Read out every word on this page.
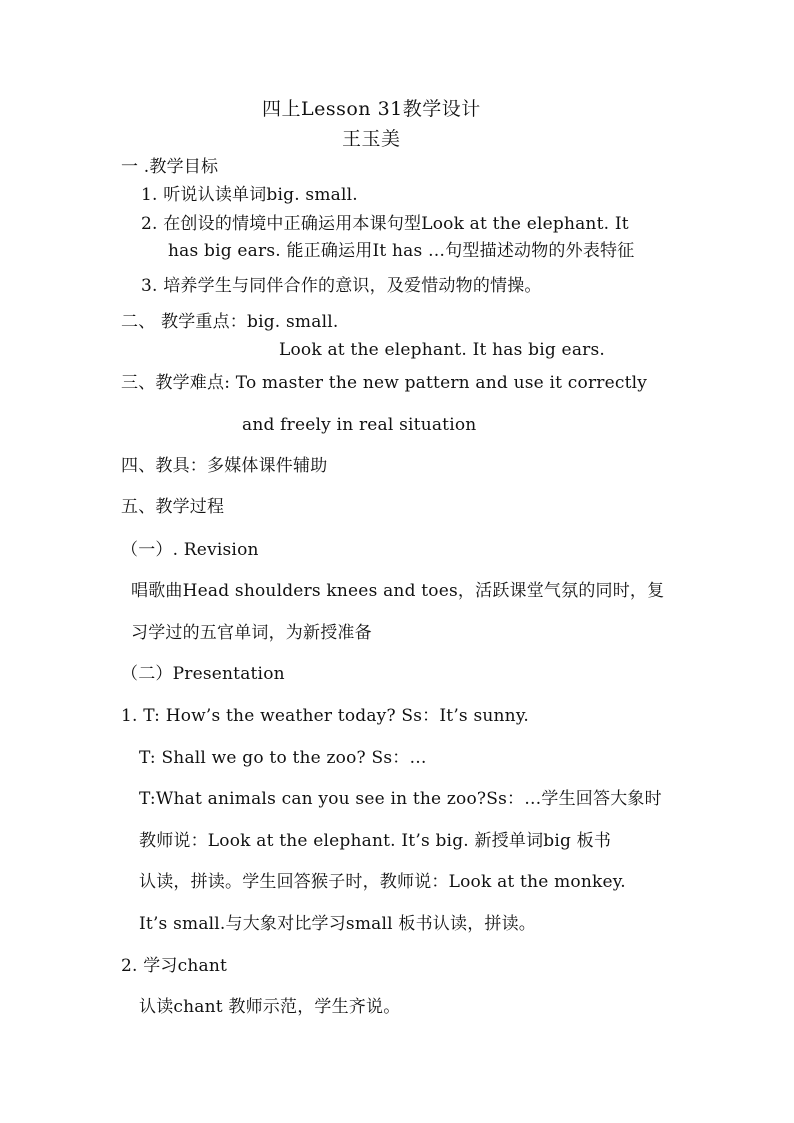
四上Lesson 31教学设计
王玉美
一 .教学目标
1. 听说认读单词big. small.
2. 在创设的情境中正确运用本课句型Look at the elephant. It
has big ears. 能正确运用It has …句型描述动物的外表特征
3. 培养学生与同伴合作的意识，及爱惜动物的情操。
二、 教学重点：big. small.
Look at the elephant. It has big ears.
三、教学难点: To master the new pattern and use it correctly
and freely in real situation
四、教具：多媒体课件辅助
五、教学过程
（一）. Revision
唱歌曲Head shoulders knees and toes，活跃课堂气氛的同时，复
习学过的五官单词，为新授准备
（二）Presentation
1. T: How’s the weather today? Ss：It’s sunny.
T: Shall we go to the zoo? Ss：…
T:What animals can you see in the zoo?Ss：…学生回答大象时
教师说：Look at the elephant. It’s big. 新授单词big 板书
认读，拼读。学生回答猴子时，教师说：Look at the monkey.
It’s small.与大象对比学习small 板书认读，拼读。
2. 学习chant
认读chant 教师示范，学生齐说。
